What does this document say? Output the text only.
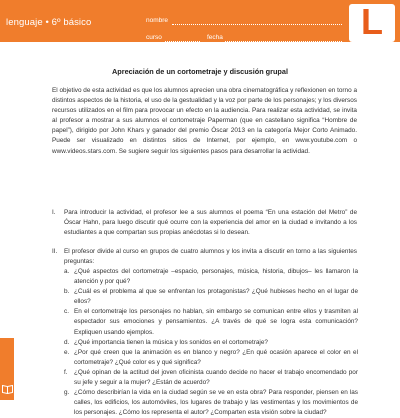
lenguaje • 6º básico	nombre
curso	fecha	L
Apreciación de un cortometraje y discusión grupal

El objetivo de esta actividad es que los alumnos aprecien una obra cinematográfica y reflexionen en torno a distintos aspectos de la historia, el uso de la gestualidad y la voz por parte de los personajes; y los diversos recursos utilizados en el film para provocar un efecto en la audiencia. Para realizar esta actividad, se invita al profesor a mostrar a sus alumnos el cortometraje Paperman (que en castellano significa “Hombre de papel”), dirigido por John Khars y ganador del premio Óscar 2013 en la categoría Mejor Corto Animado. Puede ser visualizado en distintos sitios de Internet, por ejemplo, en www.youtube.com o www.videos.stars.com. Se sugiere seguir los siguientes pasos para desarrollar la actividad.

I. Para introducir la actividad, el profesor lee a sus alumnos el poema “En una estación del Metro” de Óscar Hahn, para luego discutir qué ocurre con la experiencia del amor en la ciudad e invitando a los estudiantes a que compartan sus propias anécdotas si lo desean.
II. El profesor divide al curso en grupos de cuatro alumnos y los invita a discutir en torno a las siguientes preguntas:
a. ¿Qué aspectos del cortometraje –espacio, personajes, música, historia, dibujos– les llamaron la atención y por qué?
b. ¿Cuál es el problema al que se enfrentan los protagonistas? ¿Qué hubieses hecho en el lugar de ellos?
c. En el cortometraje los personajes no hablan, sin embargo se comunican entre ellos y trasmiten al espectador sus emociones y pensamientos. ¿A través de qué se logra esta comunicación? Expliquen usando ejemplos.
d. ¿Qué importancia tienen la música y los sonidos en el cortometraje?
e. ¿Por qué creen que la animación es en blanco y negro? ¿En qué ocasión aparece el color en el cortometraje? ¿Qué color es y qué significa?
f. ¿Qué opinan de la actitud del joven oficinista cuando decide no hacer el trabajo encomendado por su jefe y seguir a la mujer? ¿Están de acuerdo?
g. ¿Cómo describirían la vida en la ciudad según se ve en esta obra? Para responder, piensen en las calles, los edificios, los automóviles, los lugares de trabajo y las vestimentas y los movimientos de los personajes. ¿Cómo los representa el autor? ¿Comparten esta visión sobre la ciudad?
